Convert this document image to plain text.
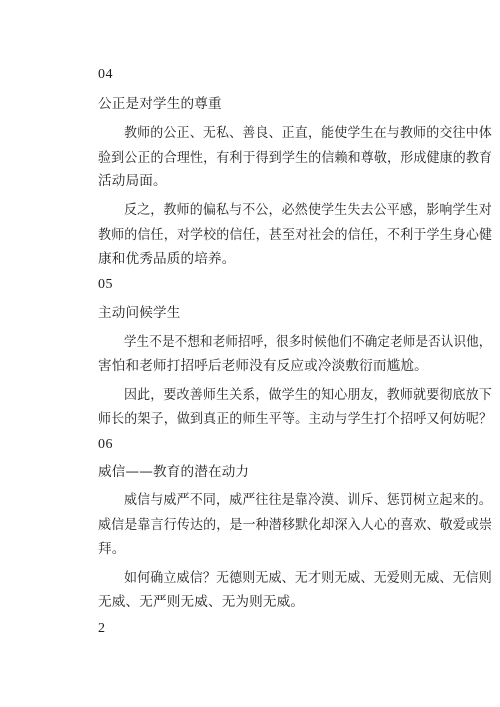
04
公正是对学生的尊重
教师的公正、无私、善良、正直，能使学生在与教师的交往中体
验到公正的合理性，有利于得到学生的信赖和尊敬，形成健康的教育
活动局面。
反之，教师的偏私与不公，必然使学生失去公平感，影响学生对
教师的信任，对学校的信任，甚至对社会的信任，不利于学生身心健
康和优秀品质的培养。
05
主动问候学生
学生不是不想和老师招呼，很多时候他们不确定老师是否认识他，
害怕和老师打招呼后老师没有反应或冷淡敷衍而尴尬。
因此，要改善师生关系，做学生的知心朋友，教师就要彻底放下
师长的架子，做到真正的师生平等。主动与学生打个招呼又何妨呢？
06
威信——教育的潜在动力
威信与威严不同，威严往往是靠冷漠、训斥、惩罚树立起来的。
威信是靠言行传达的，是一种潜移默化却深入人心的喜欢、敬爱或崇
拜。
如何确立威信？无德则无威、无才则无威、无爱则无威、无信则
无威、无严则无威、无为则无威。
2
